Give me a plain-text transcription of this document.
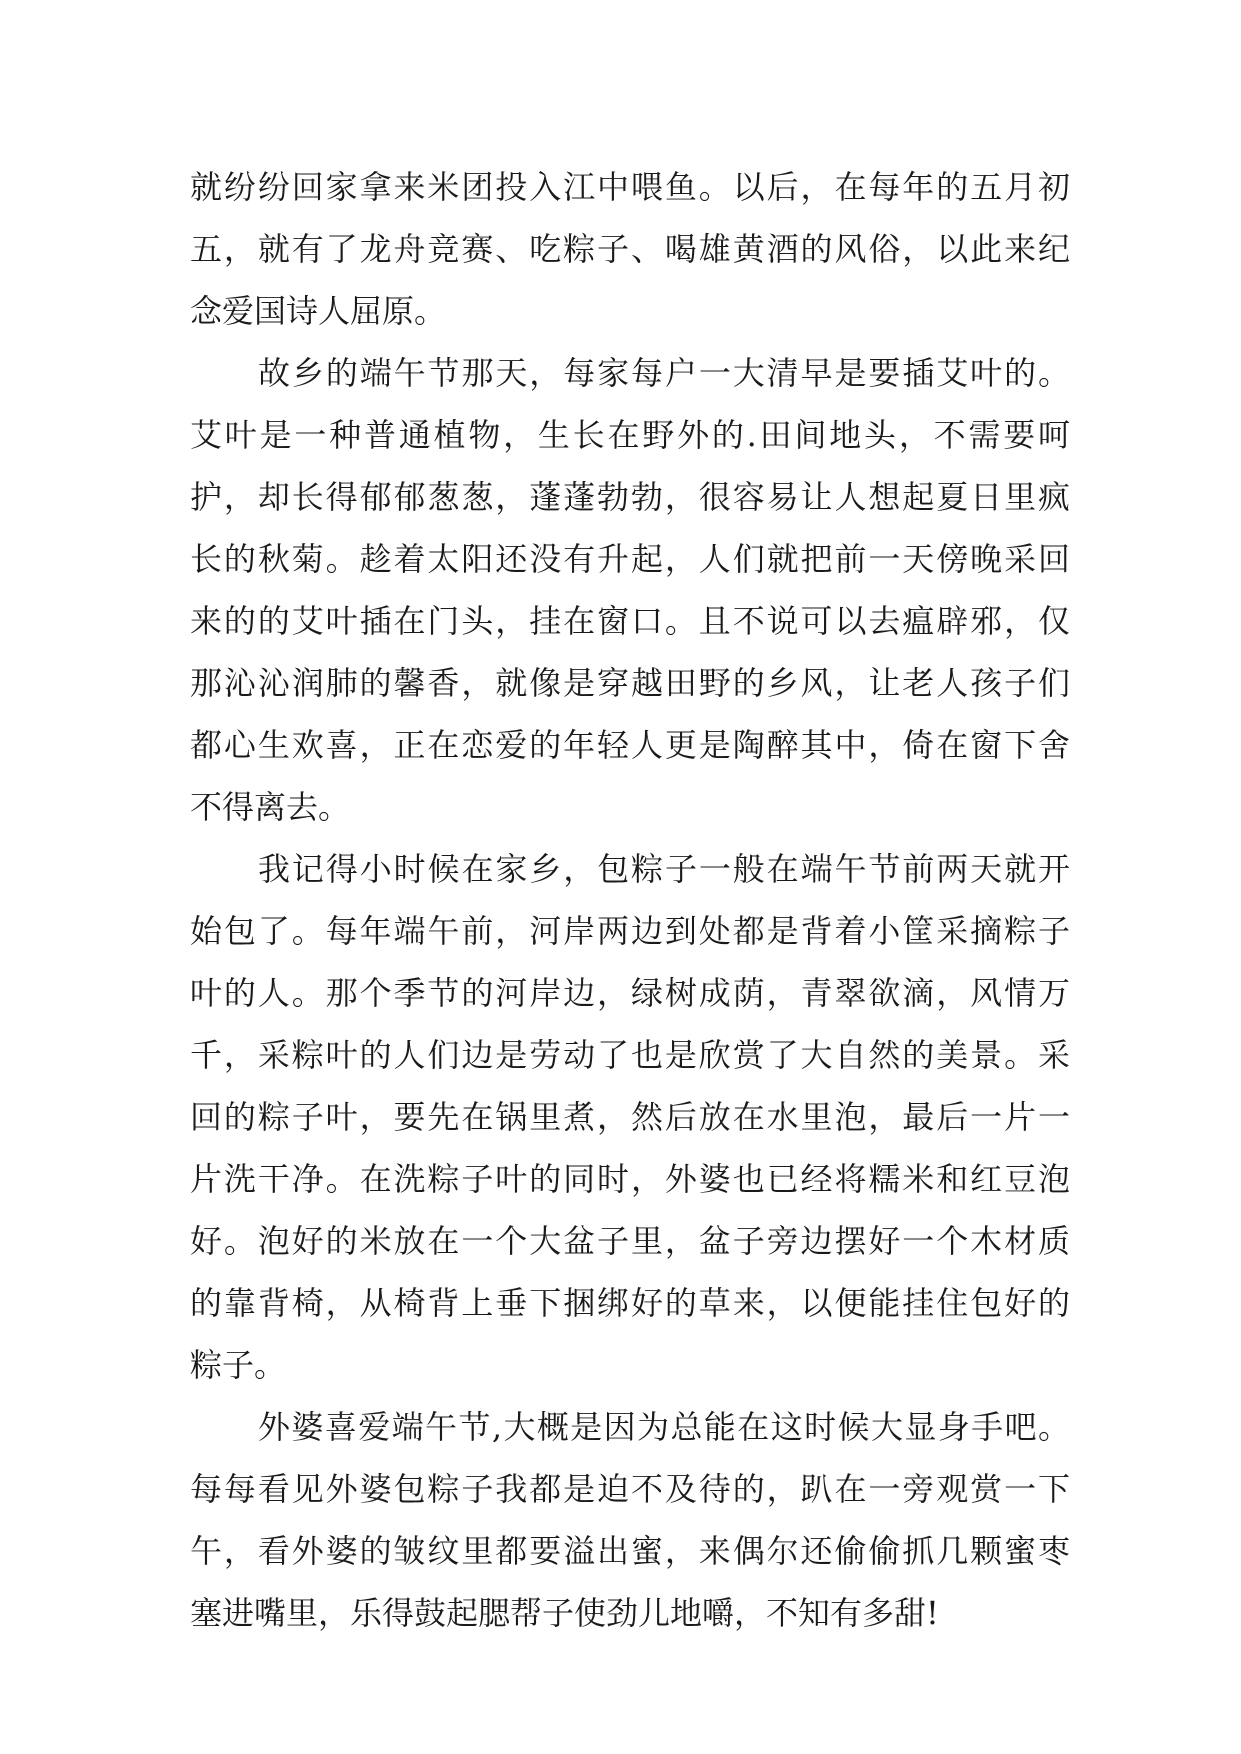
就纷纷回家拿来米团投入江中喂鱼。以后，在每年的五月初
五，就有了龙舟竞赛、吃粽子、喝雄黄酒的风俗，以此来纪
念爱国诗人屈原。
故乡的端午节那天，每家每户一大清早是要插艾叶的。
艾叶是一种普通植物，生长在野外的.田间地头，不需要呵
护，却长得郁郁葱葱，蓬蓬勃勃，很容易让人想起夏日里疯
长的秋菊。趁着太阳还没有升起，人们就把前一天傍晚采回
来的的艾叶插在门头，挂在窗口。且不说可以去瘟辟邪，仅
那沁沁润肺的馨香，就像是穿越田野的乡风，让老人孩子们
都心生欢喜，正在恋爱的年轻人更是陶醉其中，倚在窗下舍
不得离去。
我记得小时候在家乡，包粽子一般在端午节前两天就开
始包了。每年端午前，河岸两边到处都是背着小筐采摘粽子
叶的人。那个季节的河岸边，绿树成荫，青翠欲滴，风情万
千，采粽叶的人们边是劳动了也是欣赏了大自然的美景。采
回的粽子叶，要先在锅里煮，然后放在水里泡，最后一片一
片洗干净。在洗粽子叶的同时，外婆也已经将糯米和红豆泡
好。泡好的米放在一个大盆子里，盆子旁边摆好一个木材质
的靠背椅，从椅背上垂下捆绑好的草来，以便能挂住包好的
粽子。
外婆喜爱端午节,大概是因为总能在这时候大显身手吧。
每每看见外婆包粽子我都是迫不及待的，趴在一旁观赏一下
午，看外婆的皱纹里都要溢出蜜，来偶尔还偷偷抓几颗蜜枣
塞进嘴里，乐得鼓起腮帮子使劲儿地嚼，不知有多甜!
